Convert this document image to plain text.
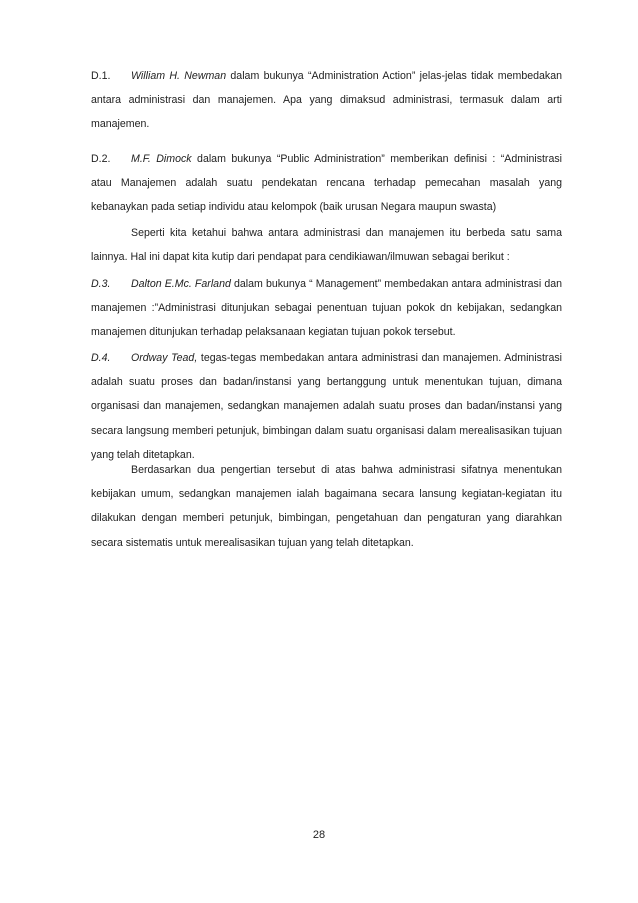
D.1. William H. Newman dalam bukunya “Administration Action” jelas-jelas tidak membedakan antara administrasi dan manajemen. Apa yang dimaksud administrasi, termasuk dalam arti manajemen.

D.2. M.F. Dimock dalam bukunya “Public Administration” memberikan definisi : “Administrasi atau Manajemen adalah suatu pendekatan rencana terhadap pemecahan masalah yang kebanaykan pada setiap individu atau kelompok (baik urusan Negara maupun swasta)

Seperti kita ketahui bahwa antara administrasi dan manajemen itu berbeda satu sama lainnya. Hal ini dapat kita kutip dari pendapat para cendikiawan/ilmuwan sebagai berikut :

D.3. Dalton E.Mc. Farland dalam bukunya “ Management” membedakan antara administrasi dan manajemen :”Administrasi ditunjukan sebagai penentuan tujuan pokok dn kebijakan, sedangkan manajemen ditunjukan terhadap pelaksanaan kegiatan tujuan pokok tersebut.

D.4. Ordway Tead, tegas-tegas membedakan antara administrasi dan manajemen. Administrasi adalah suatu proses dan badan/instansi yang bertanggung untuk menentukan tujuan, dimana organisasi dan manajemen, sedangkan manajemen adalah suatu proses dan badan/instansi yang secara langsung memberi petunjuk, bimbingan dalam suatu organisasi dalam merealisasikan tujuan yang telah ditetapkan.

Berdasarkan dua pengertian tersebut di atas bahwa administrasi sifatnya menentukan kebijakan umum, sedangkan manajemen ialah bagaimana secara lansung kegiatan-kegiatan itu dilakukan dengan memberi petunjuk, bimbingan, pengetahuan dan pengaturan yang diarahkan secara sistematis untuk merealisasikan tujuan yang telah ditetapkan.

28
